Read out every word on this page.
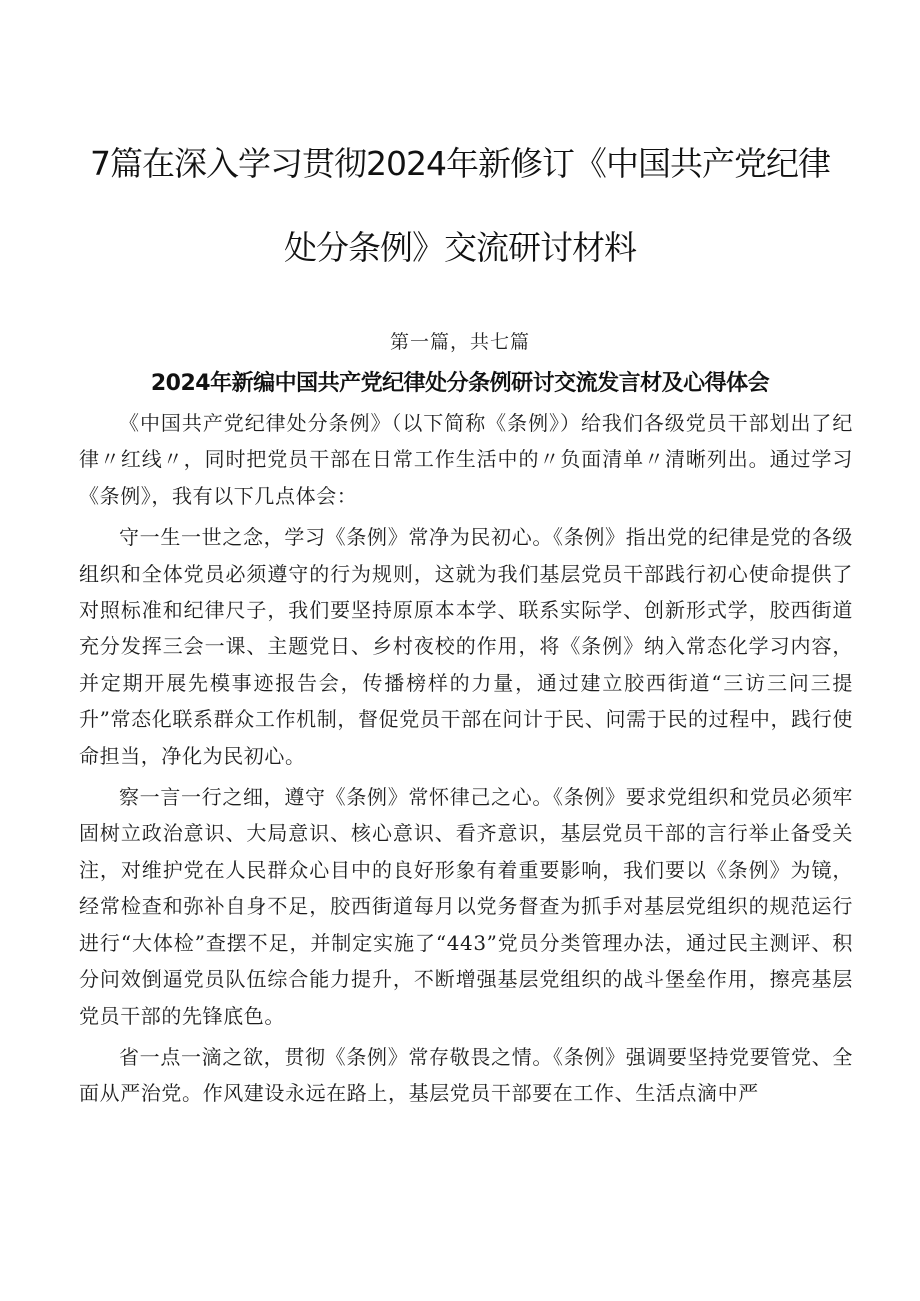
7篇在深入学习贯彻2024年新修订《中国共产党纪律
处分条例》交流研讨材料
第一篇，共七篇
2024年新编中国共产党纪律处分条例研讨交流发言材及心得体会

《中国共产党纪律处分条例》（以下简称《条例》）给我们各级党员干部划出了纪律〃红线〃，同时把党员干部在日常工作生活中的〃负面清单〃清晰列出。通过学习《条例》，我有以下几点体会：

守一生一世之念，学习《条例》常净为民初心。《条例》指出党的纪律是党的各级组织和全体党员必须遵守的行为规则，这就为我们基层党员干部践行初心使命提供了对照标准和纪律尺子，我们要坚持原原本本学、联系实际学、创新形式学，胶西街道充分发挥三会一课、主题党日、乡村夜校的作用，将《条例》纳入常态化学习内容，并定期开展先模事迹报告会，传播榜样的力量，通过建立胶西街道“三访三问三提升”常态化联系群众工作机制，督促党员干部在问计于民、问需于民的过程中，践行使命担当，净化为民初心。

察一言一行之细，遵守《条例》常怀律己之心。《条例》要求党组织和党员必须牢固树立政治意识、大局意识、核心意识、看齐意识，基层党员干部的言行举止备受关注，对维护党在人民群众心目中的良好形象有着重要影响，我们要以《条例》为镜，经常检查和弥补自身不足，胶西街道每月以党务督查为抓手对基层党组织的规范运行进行“大体检”查摆不足，并制定实施了“443”党员分类管理办法，通过民主测评、积分问效倒逼党员队伍综合能力提升，不断增强基层党组织的战斗堡垒作用，擦亮基层党员干部的先锋底色。

省一点一滴之欲，贯彻《条例》常存敬畏之情。《条例》强调要坚持党要管党、全面从严治党。作风建设永远在路上，基层党员干部要在工作、生活点滴中严
